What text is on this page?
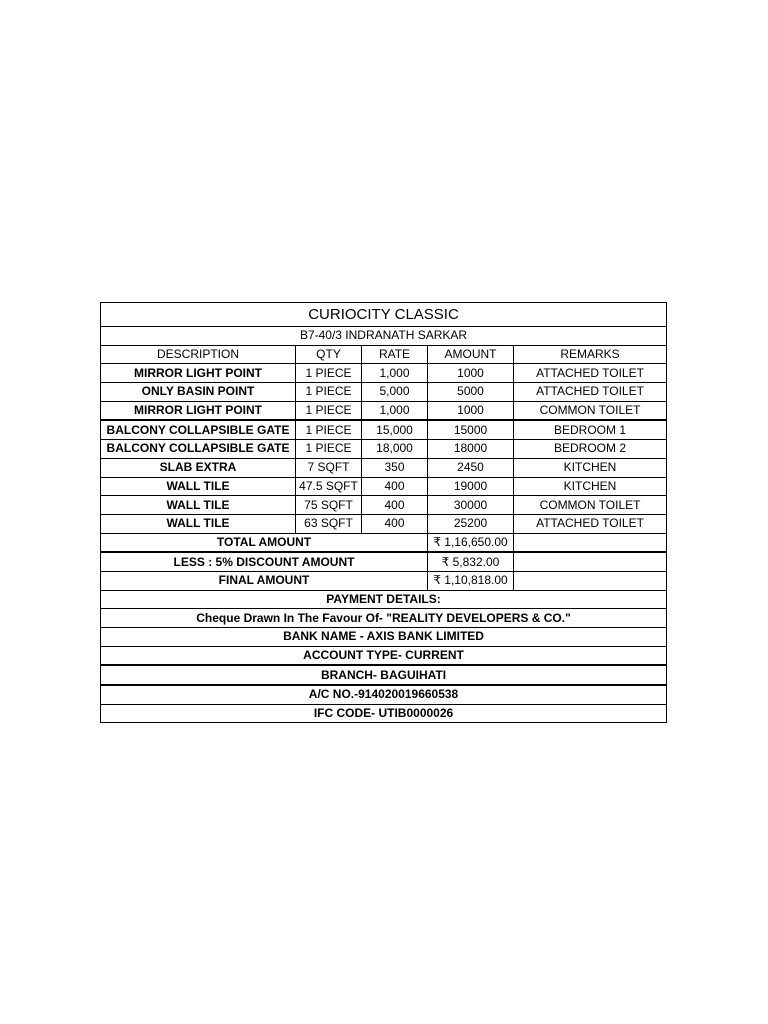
CURIOCITY CLASSIC				
B7-40/3 INDRANATH SARKAR				
DESCRIPTION	QTY	RATE	AMOUNT	REMARKS
MIRROR LIGHT POINT	1 PIECE	1,000	1000	ATTACHED TOILET
ONLY BASIN POINT	1 PIECE	5,000	5000	ATTACHED TOILET
MIRROR LIGHT POINT	1 PIECE	1,000	1000	COMMON TOILET
BALCONY COLLAPSIBLE GATE	1 PIECE	15,000	15000	BEDROOM 1
BALCONY COLLAPSIBLE GATE	1 PIECE	18,000	18000	BEDROOM 2
SLAB EXTRA	7 SQFT	350	2450	KITCHEN
WALL TILE	47.5 SQFT	400	19000	KITCHEN
WALL TILE	75 SQFT	400	30000	COMMON TOILET
WALL TILE	63 SQFT	400	25200	ATTACHED TOILET
TOTAL AMOUNT			₹ 1,16,650.00	
LESS : 5% DISCOUNT AMOUNT			₹ 5,832.00	
FINAL AMOUNT			₹ 1,10,818.00	
PAYMENT DETAILS:				
Cheque Drawn In The Favour Of- "REALITY DEVELOPERS & CO."				
BANK NAME - AXIS BANK LIMITED				
ACCOUNT TYPE- CURRENT				
BRANCH- BAGUIHATI				
A/C NO.-914020019660538				
IFC CODE- UTIB0000026				
